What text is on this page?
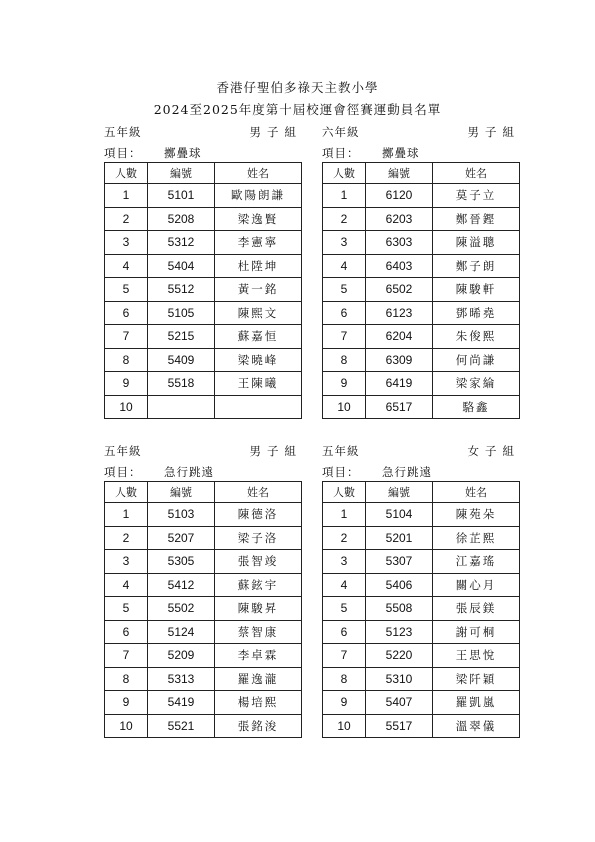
香港仔聖伯多祿天主教小學
2024至2025年度第十屆校運會徑賽運動員名單
五年級	男子組
項目： 擲疊球
人數	編號	姓名
1	5101	歐陽朗謙
2	5208	梁逸賢
3	5312	李憲寧
4	5404	杜陞坤
5	5512	黃一銘
6	5105	陳熙文
7	5215	蘇嘉恒
8	5409	梁曉峰
9	5518	王陳曦
10		
六年級	男子組
項目： 擲疊球
人數	編號	姓名
1	6120	莫子立
2	6203	鄭晉鏗
3	6303	陳溢聰
4	6403	鄭子朗
5	6502	陳駿軒
6	6123	鄧晞堯
7	6204	朱俊熙
8	6309	何尚謙
9	6419	梁家綸
10	6517	駱鑫
五年級	男子組
項目： 急行跳遠
人數	編號	姓名
1	5103	陳德洛
2	5207	梁子洛
3	5305	張智竣
4	5412	蘇鉉宇
5	5502	陳駿昇
6	5124	蔡智康
7	5209	李卓霖
8	5313	羅逸瀧
9	5419	楊培熙
10	5521	張銘浚
五年級	女子組
項目： 急行跳遠
人數	編號	姓名
1	5104	陳苑朵
2	5201	徐芷熙
3	5307	江嘉瑤
4	5406	關心月
5	5508	張辰鎂
6	5123	謝可桐
7	5220	王思悅
8	5310	梁阡穎
9	5407	羅凱嵐
10	5517	溫翠儀
